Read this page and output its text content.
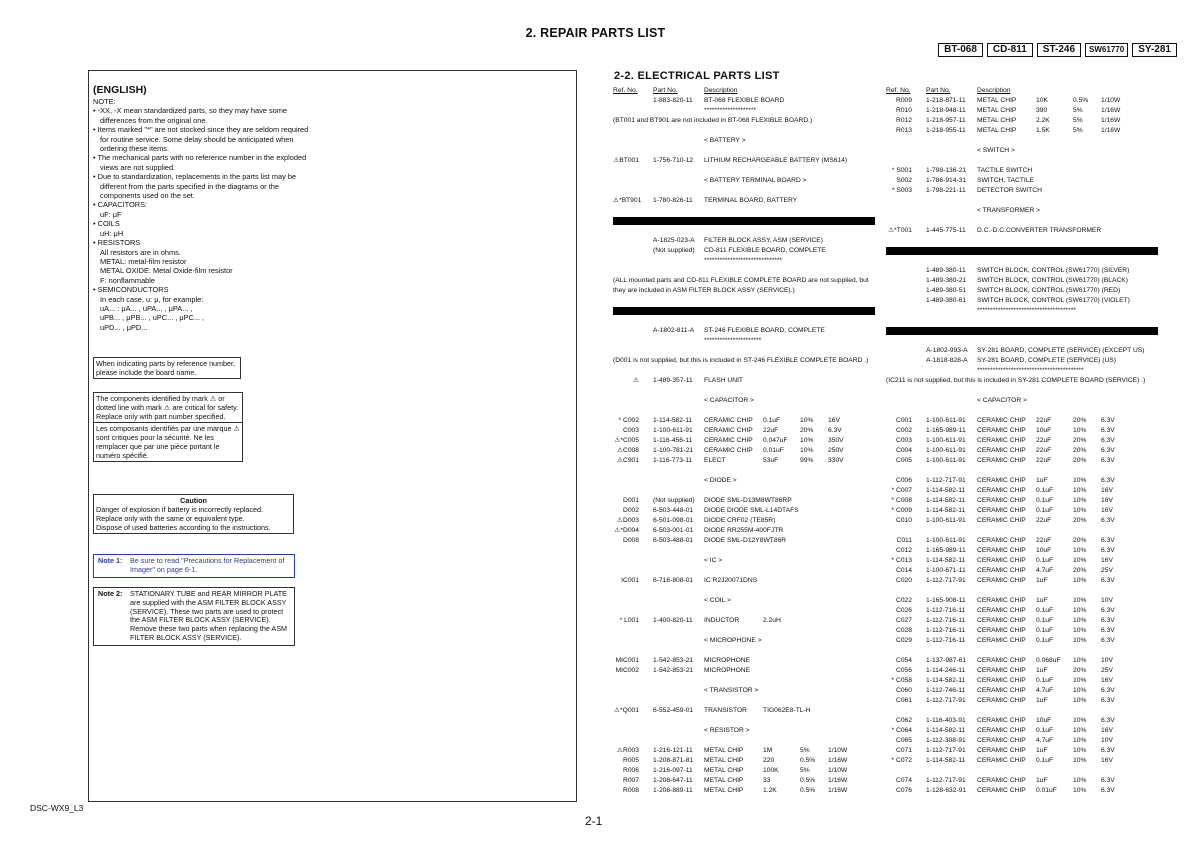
2. REPAIR PARTS LIST
BT-068	CD-811	ST-246	SW61770	SY-281
(ENGLISH)
NOTE:
• -XX, -X mean standardized parts, so they may have some differences from the original one.
• Items marked "*" are not stocked since they are seldom required for routine service. Some delay should be anticipated when ordering these items.
• The mechanical parts with no reference number in the exploded views are not supplied.
• Due to standardization, replacements in the parts list may be different from the parts specified in the diagrams or the components used on the set.
• CAPACITORS:
uF: μF
• COILS
uH: μH
• RESISTORS
All resistors are in ohms.
METAL: metal-film resistor
METAL OXIDE: Metal Oxide-film resistor
F: nonflammable
• SEMICONDUCTORS
In each case, u: μ, for example:
uA... : μA... , uPA... , μPA... ,
uPB... , μPB... , uPC... , μPC... ,
uPD... , μPD...
When indicating parts by reference number, please include the board name.
The components identified by mark ⚠ or dotted line with mark ⚠ are critical for safety. Replace only with part number specified.
Les composants identifiés par une marque ⚠ sont critiques pour la sécurité. Ne les remplacer que par une pièce portant le numéro spécifié.
Caution
Danger of explosion if battery is incorrectly replaced.
Replace only with the same or equivalent type.
Dispose of used batteries according to the instructions.
Note 1:	Be sure to read "Precautions for Replacement of Imager" on page 6-1.
Note 2:	STATIONARY TUBE and REAR MIRROR PLATE are supplied with the ASM FILTER BLOCK ASSY (SERVICE). These two parts are used to protect the ASM FILTER BLOCK ASSY (SERVICE). Remove these two parts when replacing the ASM FILTER BLOCK ASSY (SERVICE).
DSC-WX9_L3
2-1
2-2. ELECTRICAL PARTS LIST
Ref. No. Part No.	Description
1-883-820-11 BT-068 FLEXIBLE BOARD
********************
(BT001 and BT901 are not included in BT-068 FLEXIBLE BOARD.)
< BATTERY >
⚠BT001 1-756-710-12 LITHIUM RECHARGEABLE BATTERY (MS614)
< BATTERY TERMINAL BOARD >
⚠*BT901 1-780-826-11 TERMINAL BOARD, BATTERY
A-1825-023-A FILTER BLOCK ASSY, ASM (SERVICE)
(Not supplied) CD-811 FLEXIBLE BOARD, COMPLETE
******************************
(ALL mounted parts and CD-811 FLEXIBLE COMPLETE BOARD are not supplied, but
they are included in ASM FILTER BLOCK ASSY (SERVICE).)
A-1802-811-A ST-246 FLEXIBLE BOARD, COMPLETE
**********************
(D001 is not supplied, but this is included in ST-246 FLEXIBLE COMPLETE BOARD .)
⚠ 1-489-357-11 FLASH UNIT
< CAPACITOR >
* C002 1-114-582-11 CERAMIC CHIP 0.1uF	10% 16V
C003 1-100-611-91 CERAMIC CHIP 22uF	20% 6.3V
⚠*C005 1-116-456-11 CERAMIC CHIP 0.047uF 10% 350V
⚠C008 1-100-781-21 CERAMIC CHIP 0.01uF 10% 250V
⚠C901 1-116-773-11 ELECT	53uF	99% 330V
< DIODE >
D001 (Not supplied) DIODE SML-D13M8WT86RP
D002 6-503-448-01 DIODE DIODE SML-L14DTAFS
⚠D003 6-501-098-01 DIODE CRF02 (TE85R)
⚠*D004 6-503-001-01 DIODE RR255M-400FJTR
D008 6-503-488-01 DIODE SML-D12Y8WT86R
< IC >
IC001 6-716-808-01 IC R2J20071DNS
< COIL >
* L001 1-400-820-11 INDUCTOR	2.2uH
< MICROPHONE >
MIC001 1-542-853-21 MICROPHONE
MIC002 1-542-853-21 MICROPHONE
< TRANSISTOR >
⚠*Q001 6-552-459-01 TRANSISTOR TIG062E8-TL-H
< RESISTOR >
⚠R003 1-216-121-11 METAL CHIP	1M	5%	1/10W
R005 1-208-871-81 METAL CHIP	220	0.5% 1/16W
R006 1-216-097-11 METAL CHIP	100K	5%	1/10W
R007 1-208-647-11 METAL CHIP	33	0.5% 1/16W
R008 1-208-889-11 METAL CHIP	1.2K	0.5% 1/16W
Ref. No. Part No.	Description
R009 1-218-871-11 METAL CHIP	10K	0.5% 1/10W
R010 1-218-948-11 METAL CHIP	390	5%	1/16W
R012 1-218-957-11 METAL CHIP	2.2K	5%	1/16W
R013 1-218-955-11 METAL CHIP	1.5K	5%	1/16W
< SWITCH >
* S001 1-798-136-21 TACTILE SWITCH
S002 1-786-914-31 SWITCH, TACTILE
* S003 1-798-221-11 DETECTOR SWITCH
< TRANSFORMER >
⚠*T001 1-445-775-11 D.C.-D.C.CONVERTER TRANSFORMER
1-489-380-11 SWITCH BLOCK, CONTROL (SW61770) (SILVER)
1-489-380-21 SWITCH BLOCK, CONTROL (SW61770) (BLACK)
1-489-380-51 SWITCH BLOCK, CONTROL (SW61770) (RED)
1-489-380-61 SWITCH BLOCK, CONTROL (SW61770) (VIOLET)
**************************************
A-1802-993-A SY-281 BOARD, COMPLETE (SERVICE) (EXCEPT US)
A-1818-828-A SY-281 BOARD, COMPLETE (SERVICE) (US)
*****************************************
(IC211 is not supplied, but this is included in SY-281 COMPLETE BOARD (SERVICE) .)
< CAPACITOR >
C001 1-100-611-91 CERAMIC CHIP 22uF	20% 6.3V
C002 1-165-989-11 CERAMIC CHIP 10uF	10% 6.3V
C003 1-100-611-91 CERAMIC CHIP 22uF	20% 6.3V
C004 1-100-611-91 CERAMIC CHIP 22uF	20% 6.3V
C005 1-100-611-91 CERAMIC CHIP 22uF	20% 6.3V
C006 1-112-717-91 CERAMIC CHIP 1uF	10% 6.3V
* C007 1-114-582-11 CERAMIC CHIP 0.1uF	10% 16V
* C008 1-114-582-11 CERAMIC CHIP 0.1uF	10% 16V
* C009 1-114-582-11 CERAMIC CHIP 0.1uF	10% 16V
C010 1-100-611-91 CERAMIC CHIP 22uF	20% 6.3V
C011 1-100-611-91 CERAMIC CHIP 22uF	20% 6.3V
C012 1-165-989-11 CERAMIC CHIP 10uF	10% 6.3V
* C013 1-114-582-11 CERAMIC CHIP 0.1uF	10% 16V
C014 1-100-671-11 CERAMIC CHIP 4.7uF	20% 25V
C020 1-112-717-91 CERAMIC CHIP 1uF	10% 6.3V
C022 1-165-908-11 CERAMIC CHIP 1uF	10% 10V
C026 1-112-716-11 CERAMIC CHIP 0.1uF	10% 6.3V
C027 1-112-716-11 CERAMIC CHIP 0.1uF	10% 6.3V
C028 1-112-716-11 CERAMIC CHIP 0.1uF	10% 6.3V
C029 1-112-716-11 CERAMIC CHIP 0.1uF	10% 6.3V
C054 1-137-987-61 CERAMIC CHIP 0.068uF 10% 10V
C056 1-114-246-11 CERAMIC CHIP 1uF	20% 25V
* C058 1-114-582-11 CERAMIC CHIP 0.1uF	10% 16V
C060 1-112-746-11 CERAMIC CHIP 4.7uF	10% 6.3V
C061 1-112-717-91 CERAMIC CHIP 1uF	10% 6.3V
C062 1-116-403-91 CERAMIC CHIP 10uF	10% 6.3V
* C064 1-114-582-11 CERAMIC CHIP 0.1uF	10% 16V
C065 1-112-308-91 CERAMIC CHIP 4.7uF	10% 10V
C071 1-112-717-91 CERAMIC CHIP 1uF	10% 6.3V
* C072 1-114-582-11 CERAMIC CHIP 0.1uF	10% 16V
C074 1-112-717-91 CERAMIC CHIP 1uF	10% 6.3V
C076 1-128-632-91 CERAMIC CHIP 0.01uF 10% 6.3V
